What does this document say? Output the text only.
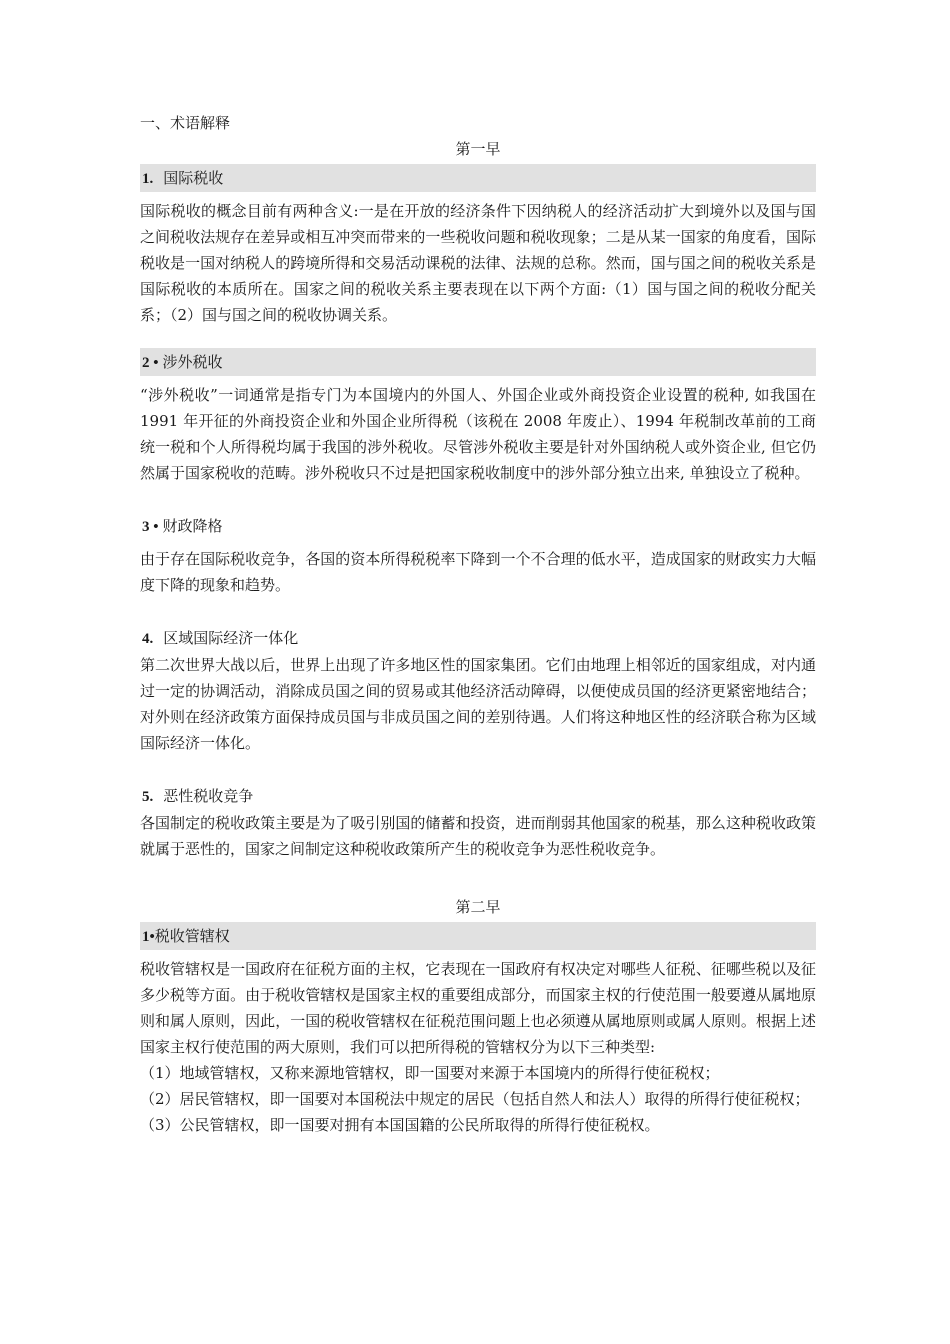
一、术语解释
第一早
1. 国际税收

国际税收的概念目前有两种含义:一是在开放的经济条件下因纳税人的经济活动扩大到境外以及国与国之间税收法规存在差异或相互冲突而带来的一些税收问题和税收现象；二是从某一国家的角度看，国际税收是一国对纳税人的跨境所得和交易活动课税的法律、法规的总称。然而，国与国之间的税收关系是国际税收的本质所在。国家之间的税收关系主要表现在以下两个方面:（1）国与国之间的税收分配关系；（2）国与国之间的税收协调关系。

2 • 涉外税收

“涉外税收”一词通常是指专门为本国境内的外国人、外国企业或外商投资企业设置的税种, 如我国在 1991 年开征的外商投资企业和外国企业所得税（该税在 2008 年废止）、1994 年税制改革前的工商统一税和个人所得税均属于我国的涉外税收。尽管涉外税收主要是针对外国纳税人或外资企业, 但它仍然属于国家税收的范畴。涉外税收只不过是把国家税收制度中的涉外部分独立出来, 单独设立了税种。

3 • 财政降格

由于存在国际税收竞争，各国的资本所得税税率下降到一个不合理的低水平，造成国家的财政实力大幅度下降的现象和趋势。

4. 区域国际经济一体化

第二次世界大战以后，世界上出现了许多地区性的国家集团。它们由地理上相邻近的国家组成，对内通过一定的协调活动，消除成员国之间的贸易或其他经济活动障碍，以便使成员国的经济更紧密地结合；对外则在经济政策方面保持成员国与非成员国之间的差别待遇。人们将这种地区性的经济联合称为区域国际经济一体化。

5. 恶性税收竞争

各国制定的税收政策主要是为了吸引别国的储蓄和投资，进而削弱其他国家的税基，那么这种税收政策就属于恶性的，国家之间制定这种税收政策所产生的税收竞争为恶性税收竞争。

第二早
1•税收管辖权

税收管辖权是一国政府在征税方面的主权，它表现在一国政府有权决定对哪些人征税、征哪些税以及征多少税等方面。由于税收管辖权是国家主权的重要组成部分，而国家主权的行使范围一般要遵从属地原则和属人原则，因此，一国的税收管辖权在征税范围问题上也必须遵从属地原则或属人原则。根据上述国家主权行使范围的两大原则，我们可以把所得税的管辖权分为以下三种类型:

（1）地域管辖权，又称来源地管辖权，即一国要对来源于本国境内的所得行使征税权；

（2）居民管辖权，即一国要对本国税法中规定的居民（包括自然人和法人）取得的所得行使征税权；

（3）公民管辖权，即一国要对拥有本国国籍的公民所取得的所得行使征税权。
